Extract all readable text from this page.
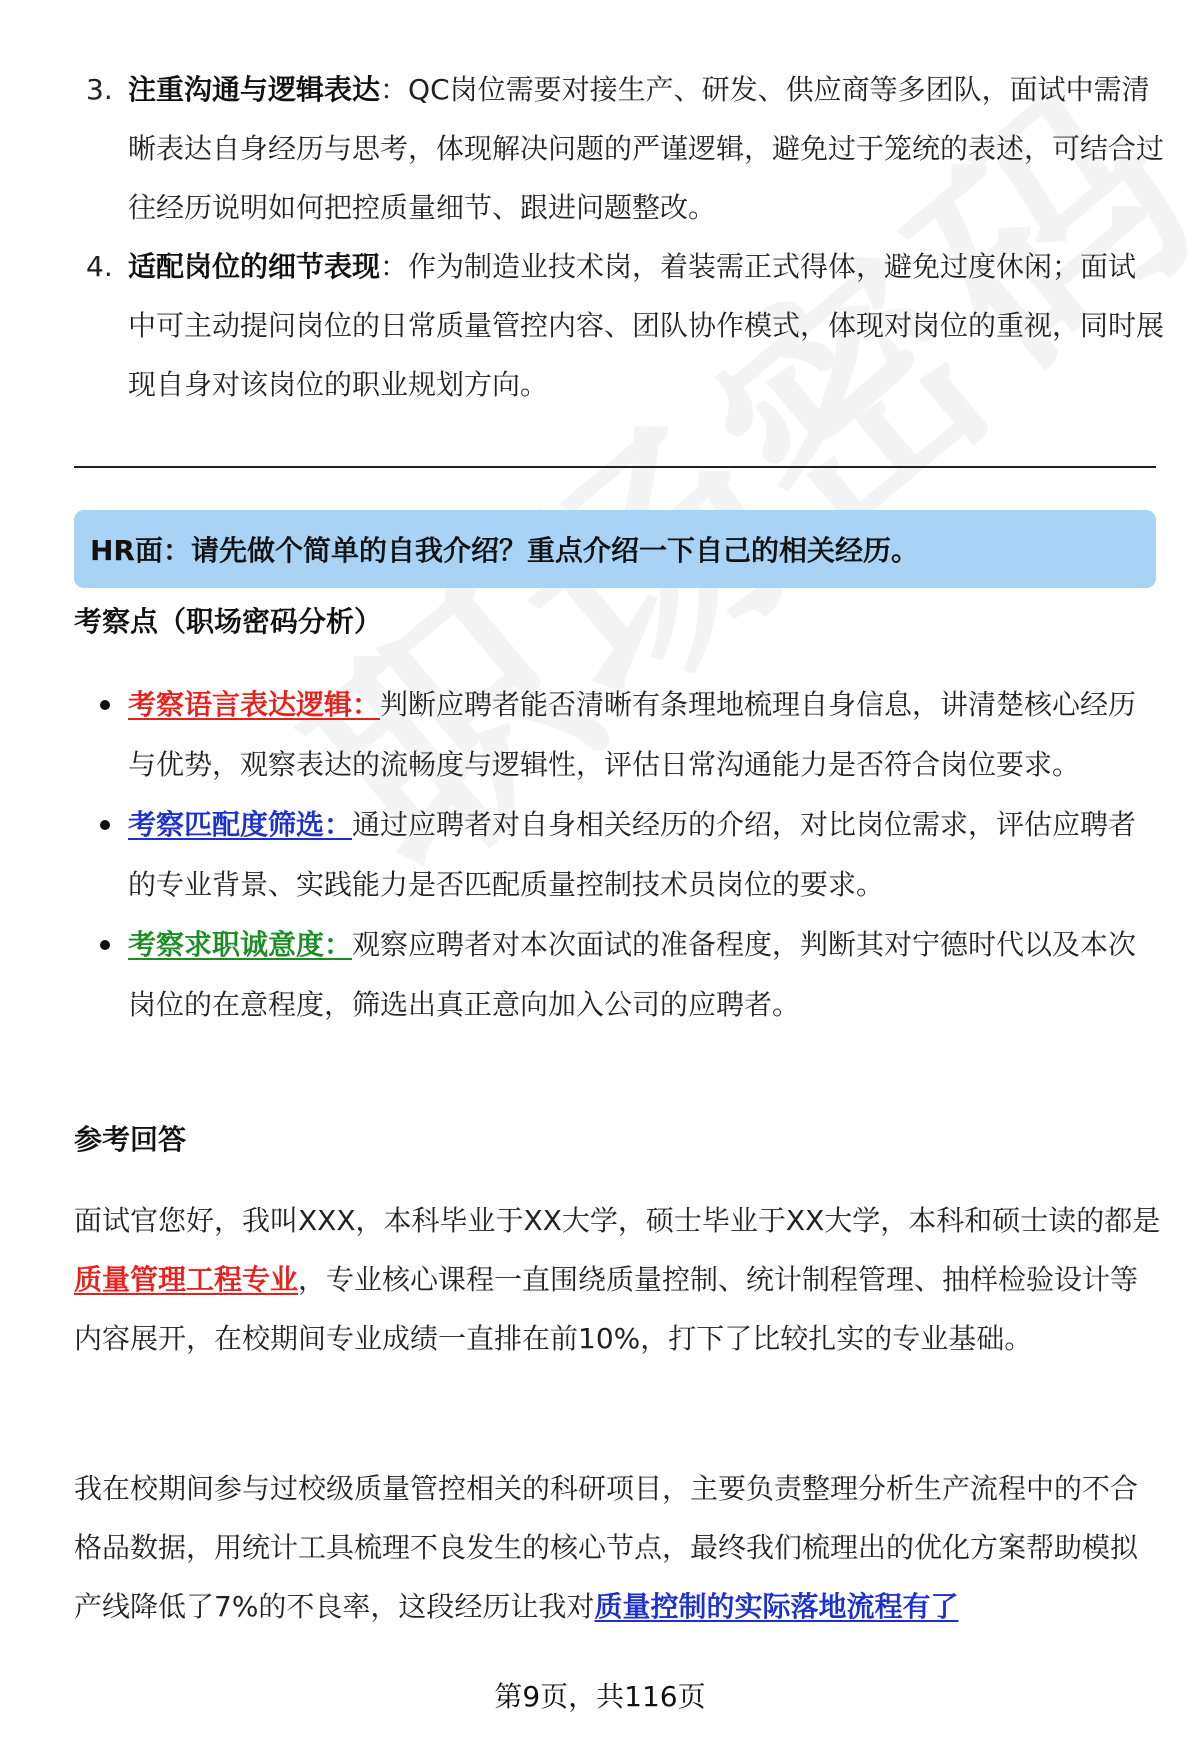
3. 注重沟通与逻辑表达：QC岗位需要对接生产、研发、供应商等多团队，面试中需清晰表达自身经历与思考，体现解决问题的严谨逻辑，避免过于笼统的表述，可结合过往经历说明如何把控质量细节、跟进问题整改。
4. 适配岗位的细节表现：作为制造业技术岗，着装需正式得体，避免过度休闲；面试中可主动提问岗位的日常质量管控内容、团队协作模式，体现对岗位的重视，同时展现自身对该岗位的职业规划方向。
HR面：请先做个简单的自我介绍？重点介绍一下自己的相关经历。
考察点（职场密码分析）
考察语言表达逻辑：判断应聘者能否清晰有条理地梳理自身信息，讲清楚核心经历与优势，观察表达的流畅度与逻辑性，评估日常沟通能力是否符合岗位要求。
考察匹配度筛选：通过应聘者对自身相关经历的介绍，对比岗位需求，评估应聘者的专业背景、实践能力是否匹配质量控制技术员岗位的要求。
考察求职诚意度：观察应聘者对本次面试的准备程度，判断其对宁德时代以及本次岗位的在意程度，筛选出真正意向加入公司的应聘者。
参考回答

面试官您好，我叫XXX，本科毕业于XX大学，硕士毕业于XX大学，本科和硕士读的都是质量管理工程专业，专业核心课程一直围绕质量控制、统计制程管理、抽样检验设计等内容展开，在校期间专业成绩一直排在前10%，打下了比较扎实的专业基础。

我在校期间参与过校级质量管控相关的科研项目，主要负责整理分析生产流程中的不合格品数据，用统计工具梳理不良发生的核心节点，最终我们梳理出的优化方案帮助模拟产线降低了7%的不良率，这段经历让我对质量控制的实际落地流程有了

第9页，共116页
